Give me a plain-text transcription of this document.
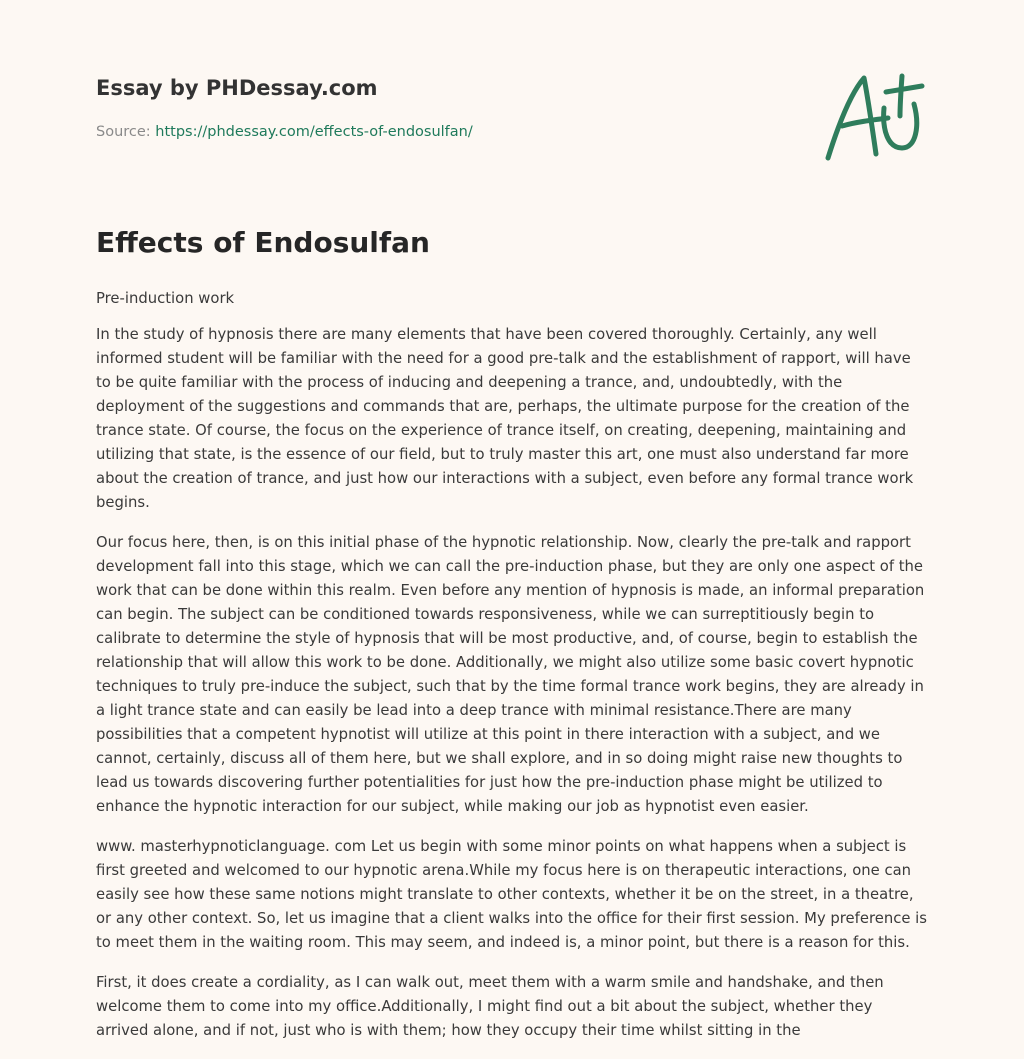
Essay by PHDessay.com
Source: https://phdessay.com/effects-of-endosulfan/
Effects of Endosulfan

Pre-induction work

In the study of hypnosis there are many elements that have been covered thoroughly. Certainly, any well informed student will be familiar with the need for a good pre-talk and the establishment of rapport, will have to be quite familiar with the process of inducing and deepening a trance, and, undoubtedly, with the deployment of the suggestions and commands that are, perhaps, the ultimate purpose for the creation of the trance state. Of course, the focus on the experience of trance itself, on creating, deepening, maintaining and utilizing that state, is the essence of our field, but to truly master this art, one must also understand far more about the creation of trance, and just how our interactions with a subject, even before any formal trance work begins.

Our focus here, then, is on this initial phase of the hypnotic relationship. Now, clearly the pre-talk and rapport development fall into this stage, which we can call the pre-induction phase, but they are only one aspect of the work that can be done within this realm. Even before any mention of hypnosis is made, an informal preparation can begin. The subject can be conditioned towards responsiveness, while we can surreptitiously begin to calibrate to determine the style of hypnosis that will be most productive, and, of course, begin to establish the relationship that will allow this work to be done. Additionally, we might also utilize some basic covert hypnotic techniques to truly pre-induce the subject, such that by the time formal trance work begins, they are already in a light trance state and can easily be lead into a deep trance with minimal resistance.There are many possibilities that a competent hypnotist will utilize at this point in there interaction with a subject, and we cannot, certainly, discuss all of them here, but we shall explore, and in so doing might raise new thoughts to lead us towards discovering further potentialities for just how the pre-induction phase might be utilized to enhance the hypnotic interaction for our subject, while making our job as hypnotist even easier.

www. masterhypnoticlanguage. com Let us begin with some minor points on what happens when a subject is first greeted and welcomed to our hypnotic arena.While my focus here is on therapeutic interactions, one can easily see how these same notions might translate to other contexts, whether it be on the street, in a theatre, or any other context. So, let us imagine that a client walks into the office for their first session. My preference is to meet them in the waiting room. This may seem, and indeed is, a minor point, but there is a reason for this.

First, it does create a cordiality, as I can walk out, meet them with a warm smile and handshake, and then welcome them to come into my office.Additionally, I might find out a bit about the subject, whether they arrived alone, and if not, just who is with them; how they occupy their time whilst sitting in the
